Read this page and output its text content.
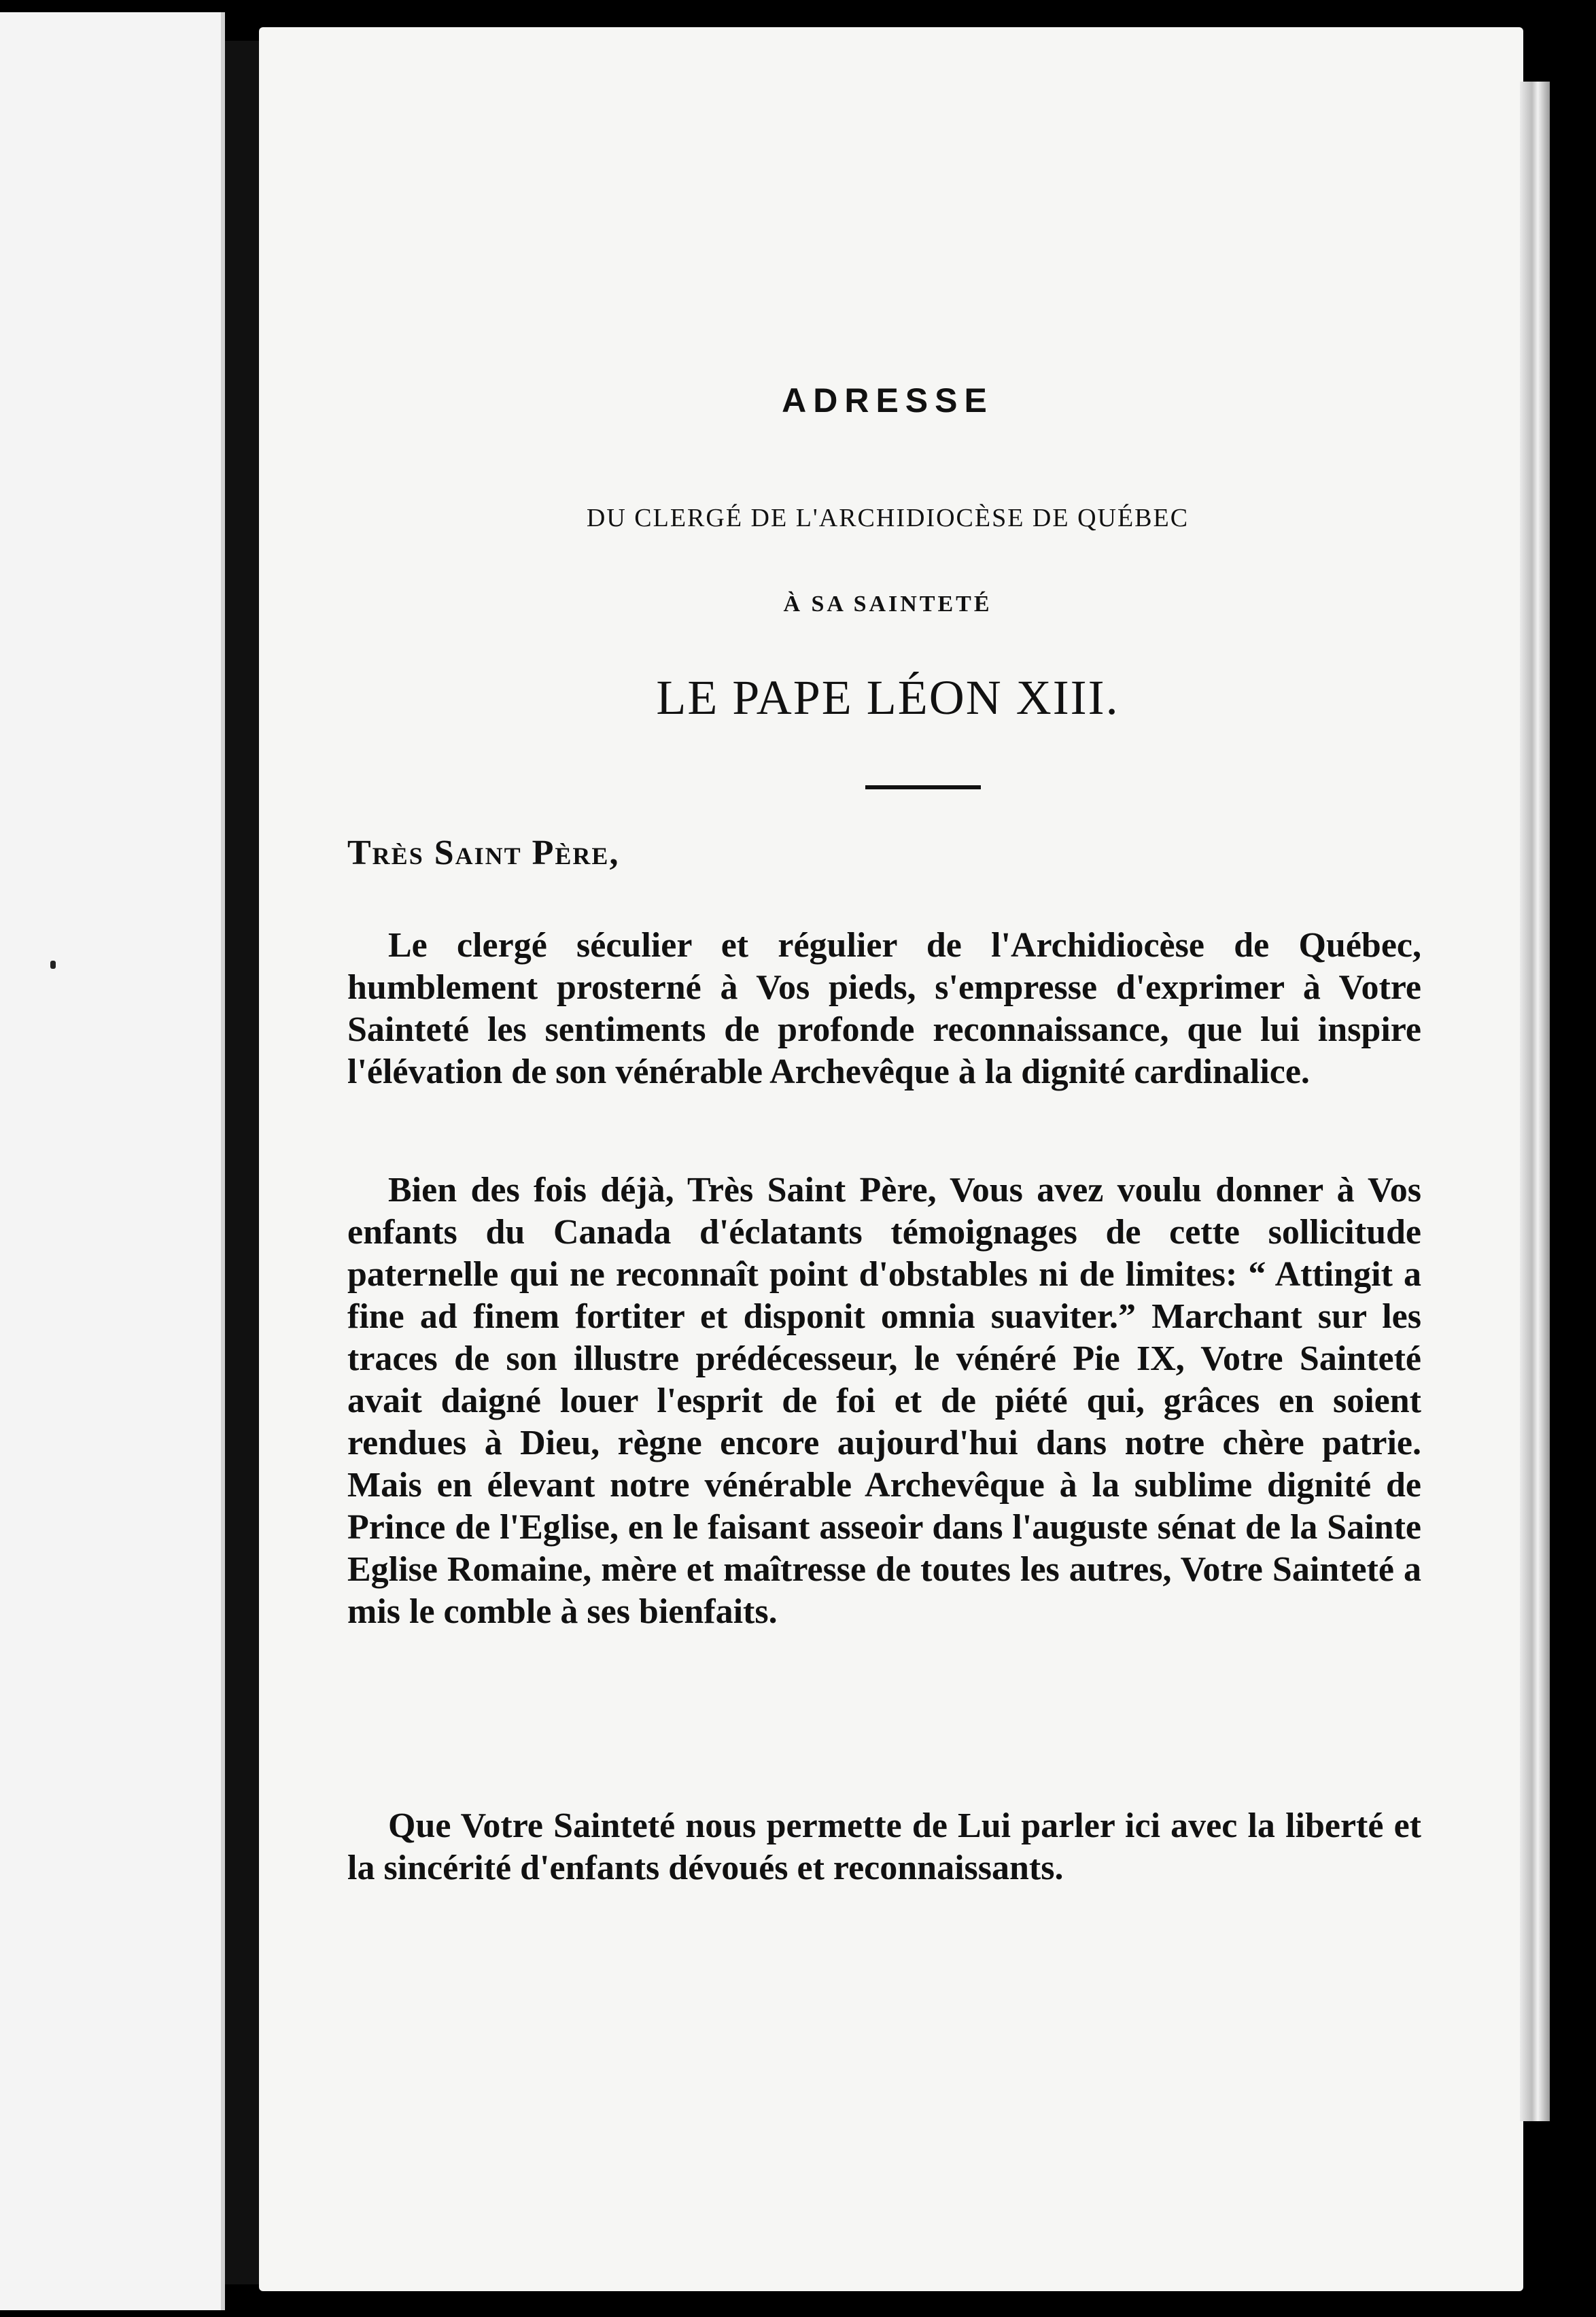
ADRESSE
DU CLERGÉ DE L'ARCHIDIOCÈSE DE QUÉBEC
À SA SAINTETÉ
LE PAPE LÉON XIII.
Très Saint Père,

Le clergé séculier et régulier de l'Archidiocèse de Québec, humblement prosterné à Vos pieds, s'empresse d'exprimer à Votre Sainteté les sentiments de profonde reconnaissance, que lui inspire l'élévation de son vénérable Archevêque à la dignité cardinalice.

Bien des fois déjà, Très Saint Père, Vous avez voulu donner à Vos enfants du Canada d'éclatants témoignages de cette sollicitude paternelle qui ne reconnaît point d'obstables ni de limites: “ Attingit a fine ad finem fortiter et disponit omnia suaviter.” Marchant sur les traces de son illustre prédécesseur, le vénéré Pie IX, Votre Sainteté avait daigné louer l'esprit de foi et de piété qui, grâces en soient rendues à Dieu, règne encore aujourd'hui dans notre chère patrie. Mais en élevant notre vénérable Archevêque à la sublime dignité de Prince de l'Eglise, en le faisant asseoir dans l'auguste sénat de la Sainte Eglise Romaine, mère et maîtresse de toutes les autres, Votre Sainteté a mis le comble à ses bienfaits.

Que Votre Sainteté nous permette de Lui parler ici avec la liberté et la sincérité d'enfants dévoués et reconnaissants.
